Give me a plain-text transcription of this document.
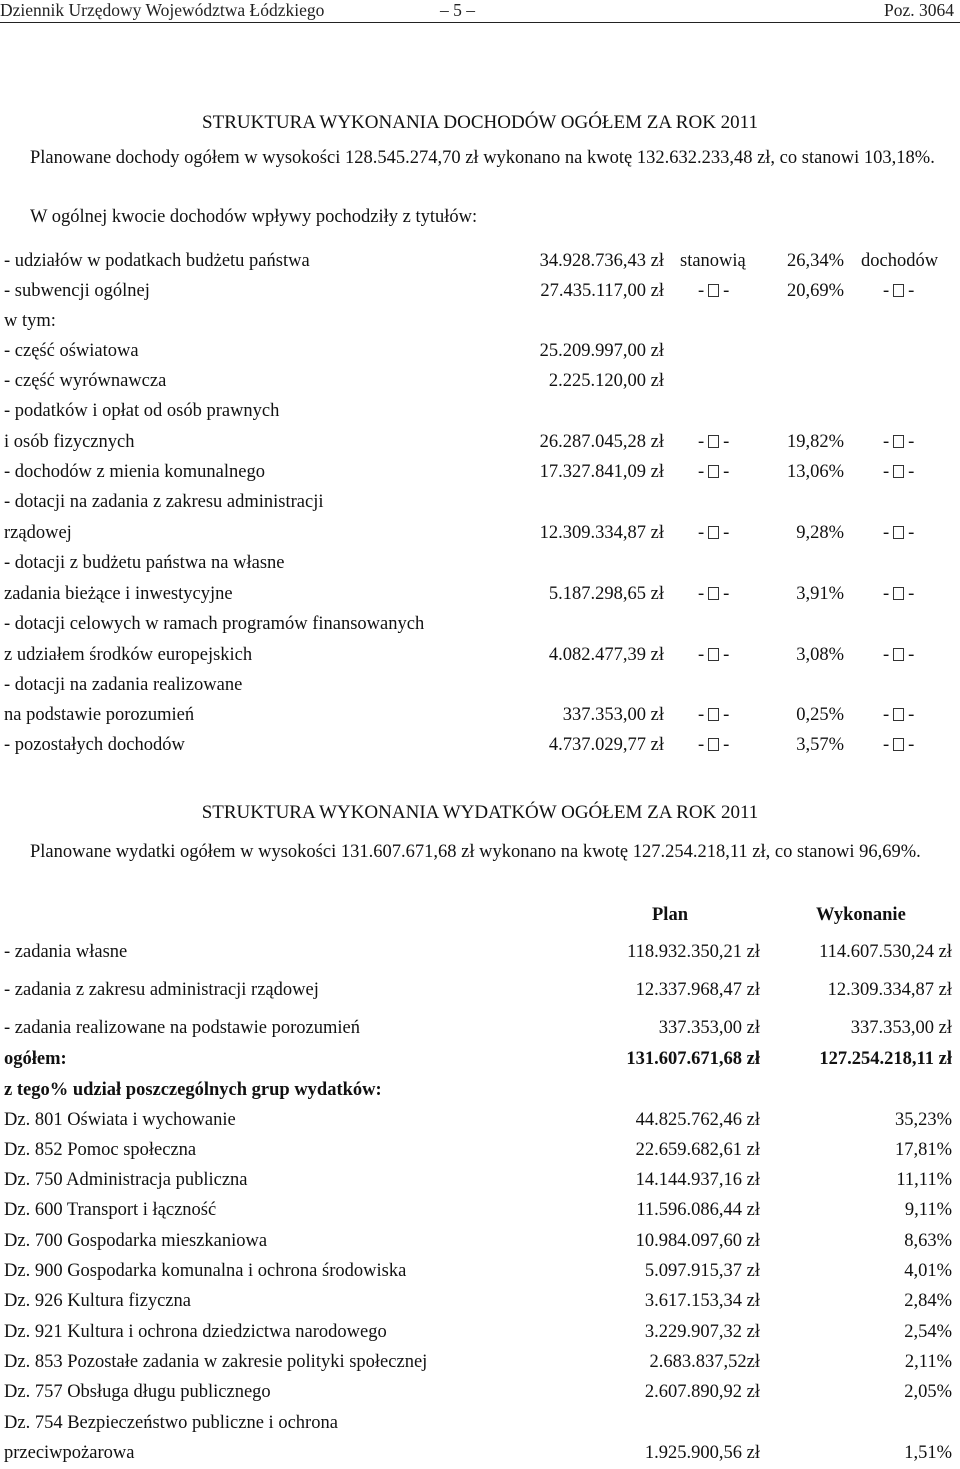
Dziennik Urzędowy Województwa Łódzkiego	– 5 –	Poz. 3064
STRUKTURA WYKONANIA DOCHODÓW OGÓŁEM ZA ROK 2011
Planowane dochody ogółem w wysokości 128.545.274,70 zł wykonano na kwotę 132.632.233,48 zł, co stanowi 103,18%.
W ogólnej kwocie dochodów wpływy pochodziły z tytułów:
- udziałów w podatkach budżetu państwa	34.928.736,43 zł stanowią 26,34% dochodów
- subwencji ogólnej	27.435.117,00 zł - -	20,69% - -
w tym:
- część oświatowa	25.209.997,00 zł
- część wyrównawcza	2.225.120,00 zł
- podatków i opłat od osób prawnych
i osób fizycznych	26.287.045,28 zł - -	19,82% - -
- dochodów z mienia komunalnego	17.327.841,09 zł - -	13,06% - -
- dotacji na zadania z zakresu administracji
rządowej	12.309.334,87 zł - -	9,28% - -
- dotacji z budżetu państwa na własne
zadania bieżące i inwestycyjne	5.187.298,65 zł - -	3,91% - -
- dotacji celowych w ramach programów finansowanych
z udziałem środków europejskich	4.082.477,39 zł - -	3,08% - -
- dotacji na zadania realizowane
na podstawie porozumień	337.353,00 zł - -	0,25% - -
- pozostałych dochodów	4.737.029,77 zł - -	3,57% - -
STRUKTURA WYKONANIA WYDATKÓW OGÓŁEM ZA ROK 2011
Planowane wydatki ogółem w wysokości 131.607.671,68 zł wykonano na kwotę 127.254.218,11 zł, co stanowi 96,69%.
Plan	Wykonanie
- zadania własne	118.932.350,21 zł	114.607.530,24 zł
- zadania z zakresu administracji rządowej	12.337.968,47 zł	12.309.334,87 zł
- zadania realizowane na podstawie porozumień	337.353,00 zł	337.353,00 zł
ogółem:	131.607.671,68 zł	127.254.218,11 zł
z tego% udział poszczególnych grup wydatków:
Dz. 801 Oświata i wychowanie	44.825.762,46 zł	35,23%
Dz. 852 Pomoc społeczna	22.659.682,61 zł	17,81%
Dz. 750 Administracja publiczna	14.144.937,16 zł	11,11%
Dz. 600 Transport i łączność	11.596.086,44 zł	9,11%
Dz. 700 Gospodarka mieszkaniowa	10.984.097,60 zł	8,63%
Dz. 900 Gospodarka komunalna i ochrona środowiska	5.097.915,37 zł	4,01%
Dz. 926 Kultura fizyczna	3.617.153,34 zł	2,84%
Dz. 921 Kultura i ochrona dziedzictwa narodowego	3.229.907,32 zł	2,54%
Dz. 853 Pozostałe zadania w zakresie polityki społecznej	2.683.837,52zł	2,11%
Dz. 757 Obsługa długu publicznego	2.607.890,92 zł	2,05%
Dz. 754 Bezpieczeństwo publiczne i ochrona
przeciwpożarowa	1.925.900,56 zł	1,51%
